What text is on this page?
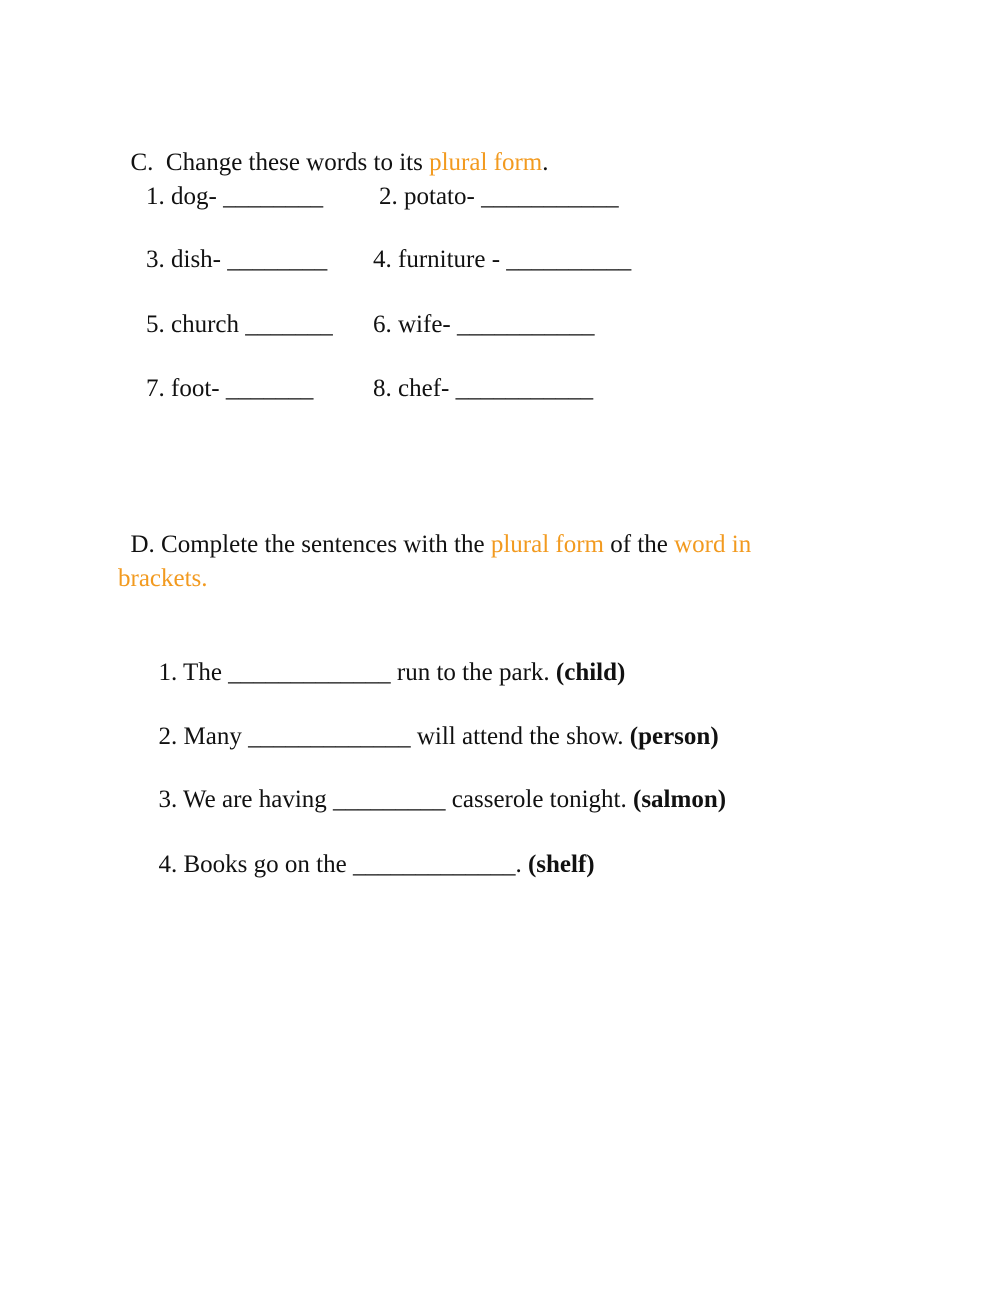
C.  Change these words to its plural form.

1. dog- ________ 2. potato- ___________
3. dish- ________ 4. furniture - __________
5. church _______ 6. wife- ___________
7. foot- _______ 8. chef- ___________

D. Complete the sentences with the plural form of the word in

brackets.

1. The _____________ run to the park. (child)

2. Many _____________ will attend the show. (person)

3. We are having _________ casserole tonight. (salmon)

4. Books go on the _____________. (shelf)
